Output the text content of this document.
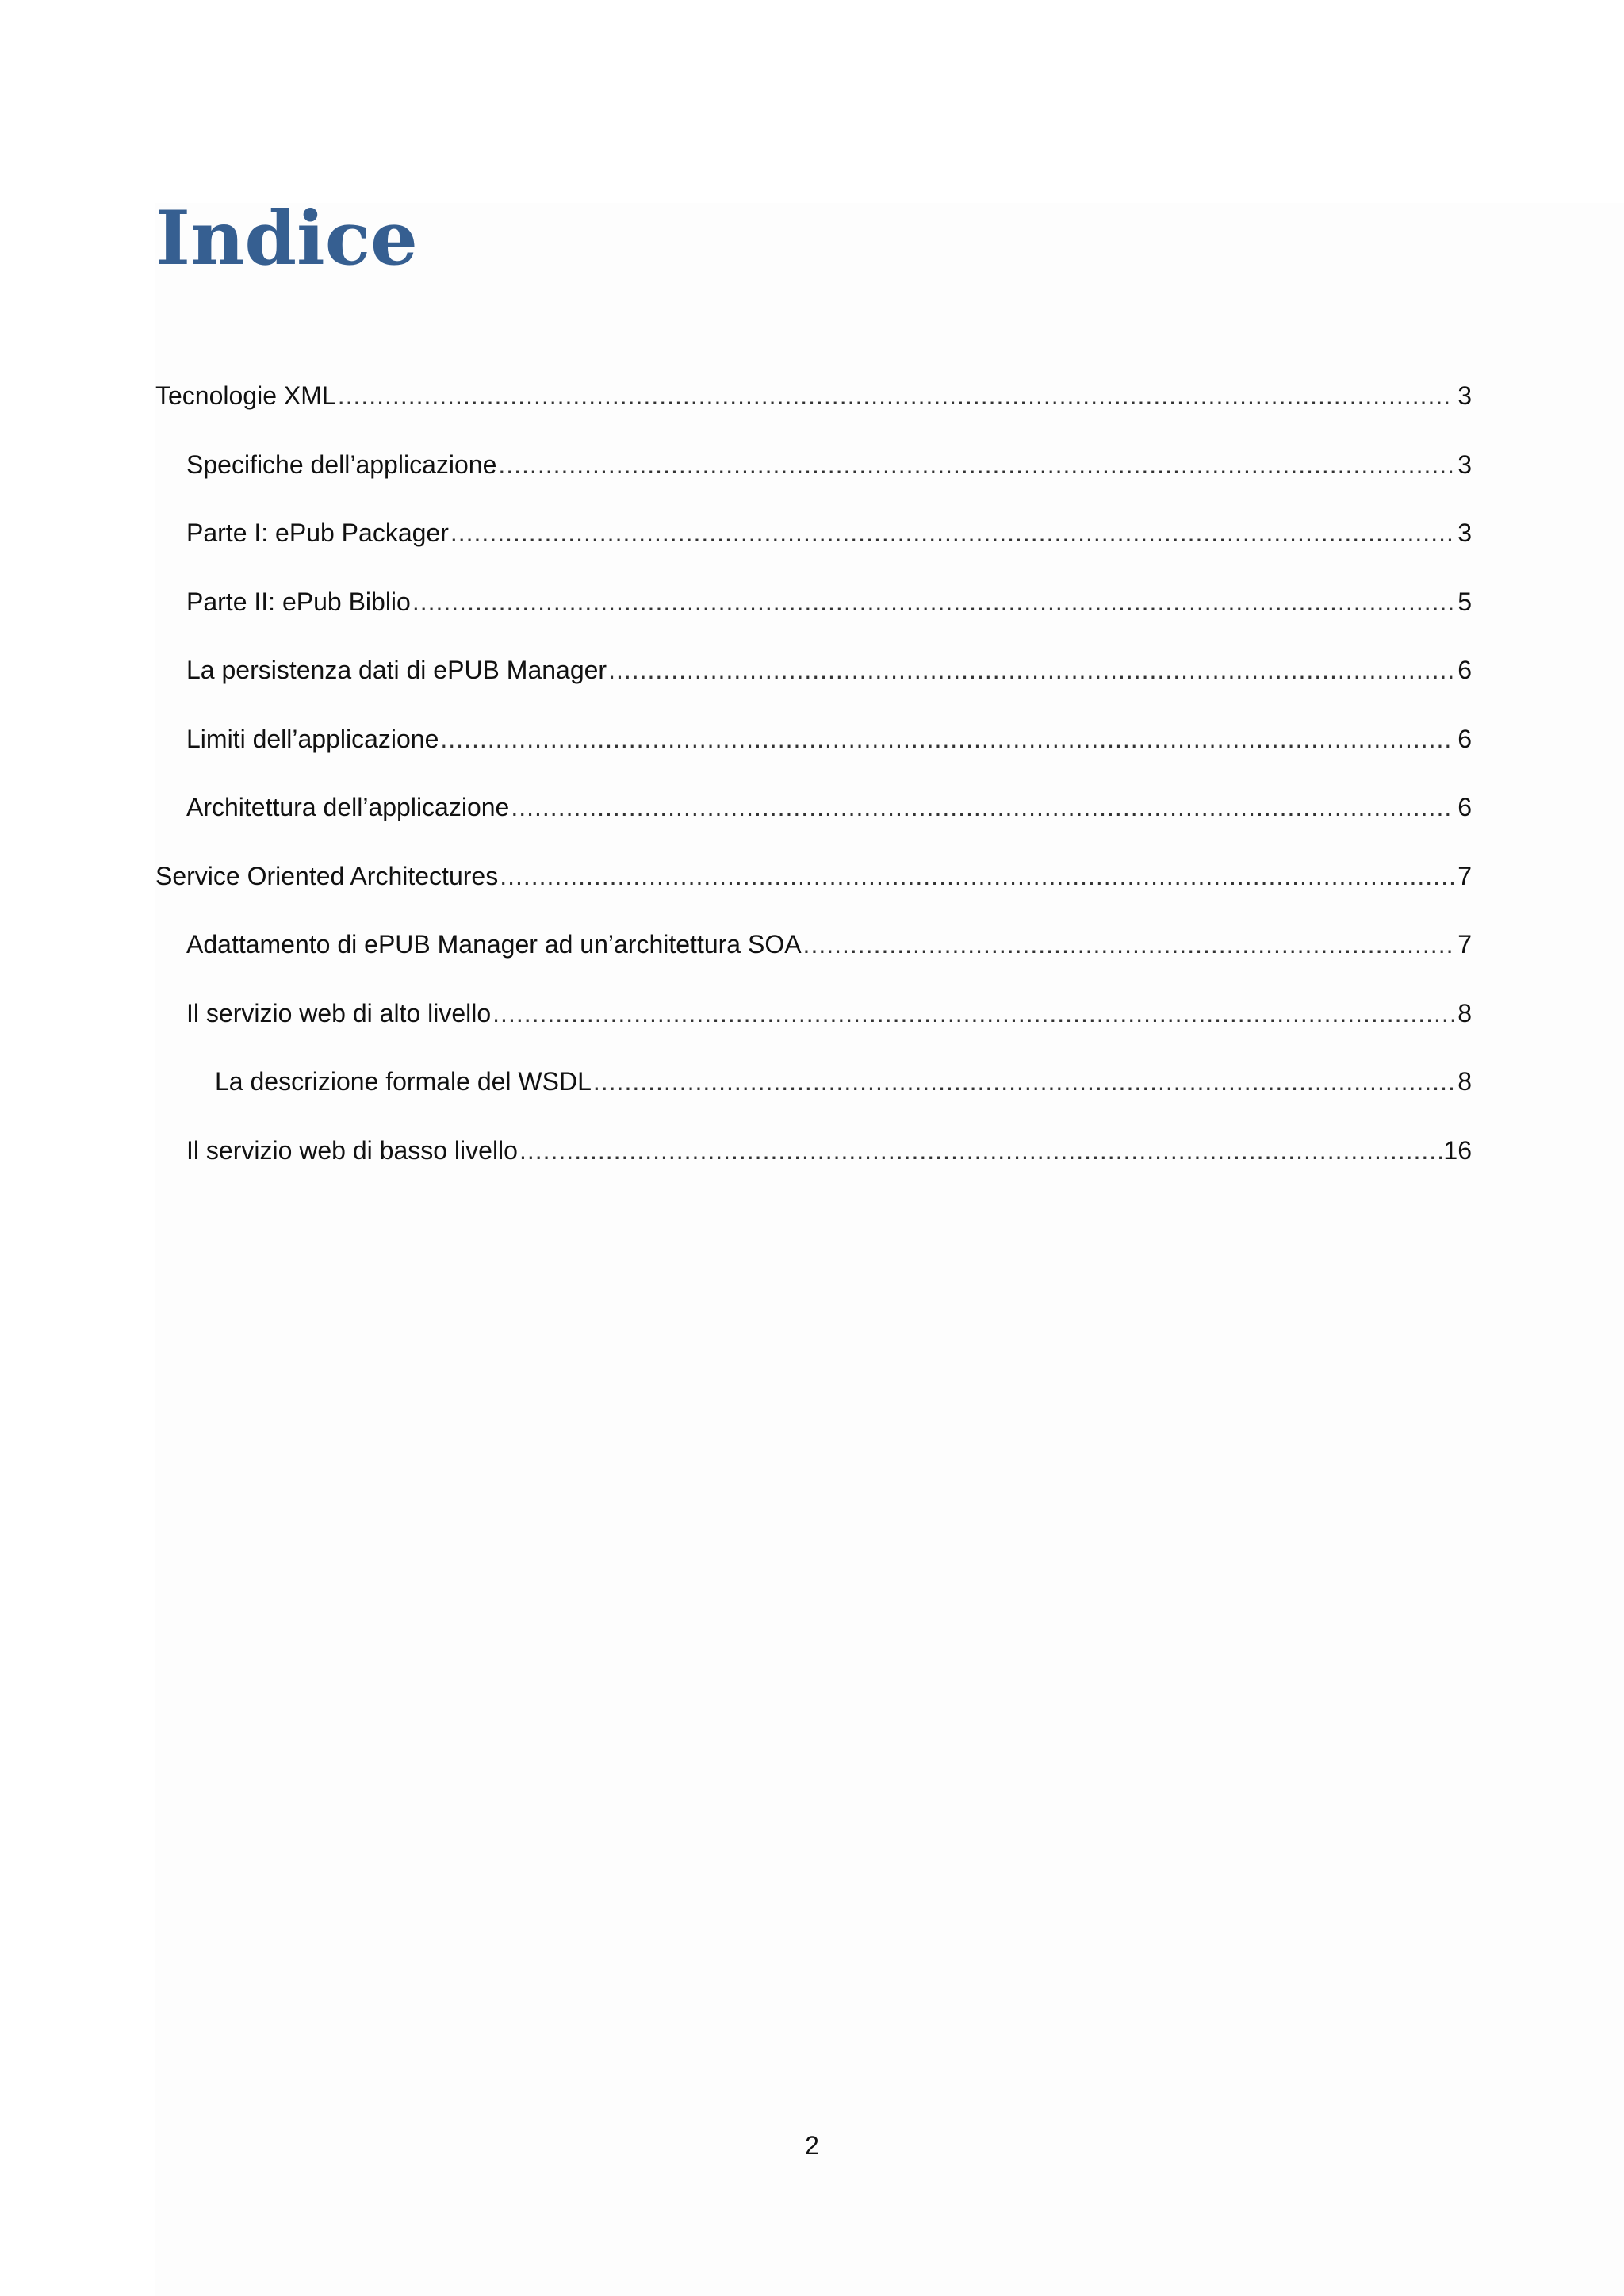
Indice
Tecnologie XML .....	3
Specifiche dell’applicazione .....	3
Parte I: ePub Packager .....	3
Parte II: ePub Biblio .....	5
La persistenza dati di ePUB Manager .....	6
Limiti dell’applicazione .....	6
Architettura dell’applicazione .....	6
Service Oriented Architectures .....	7
Adattamento di ePUB Manager ad un’architettura SOA .....	7
Il servizio web di alto livello .....	8
La descrizione formale del WSDL .....	8
Il servizio web di basso livello .....	16
2
